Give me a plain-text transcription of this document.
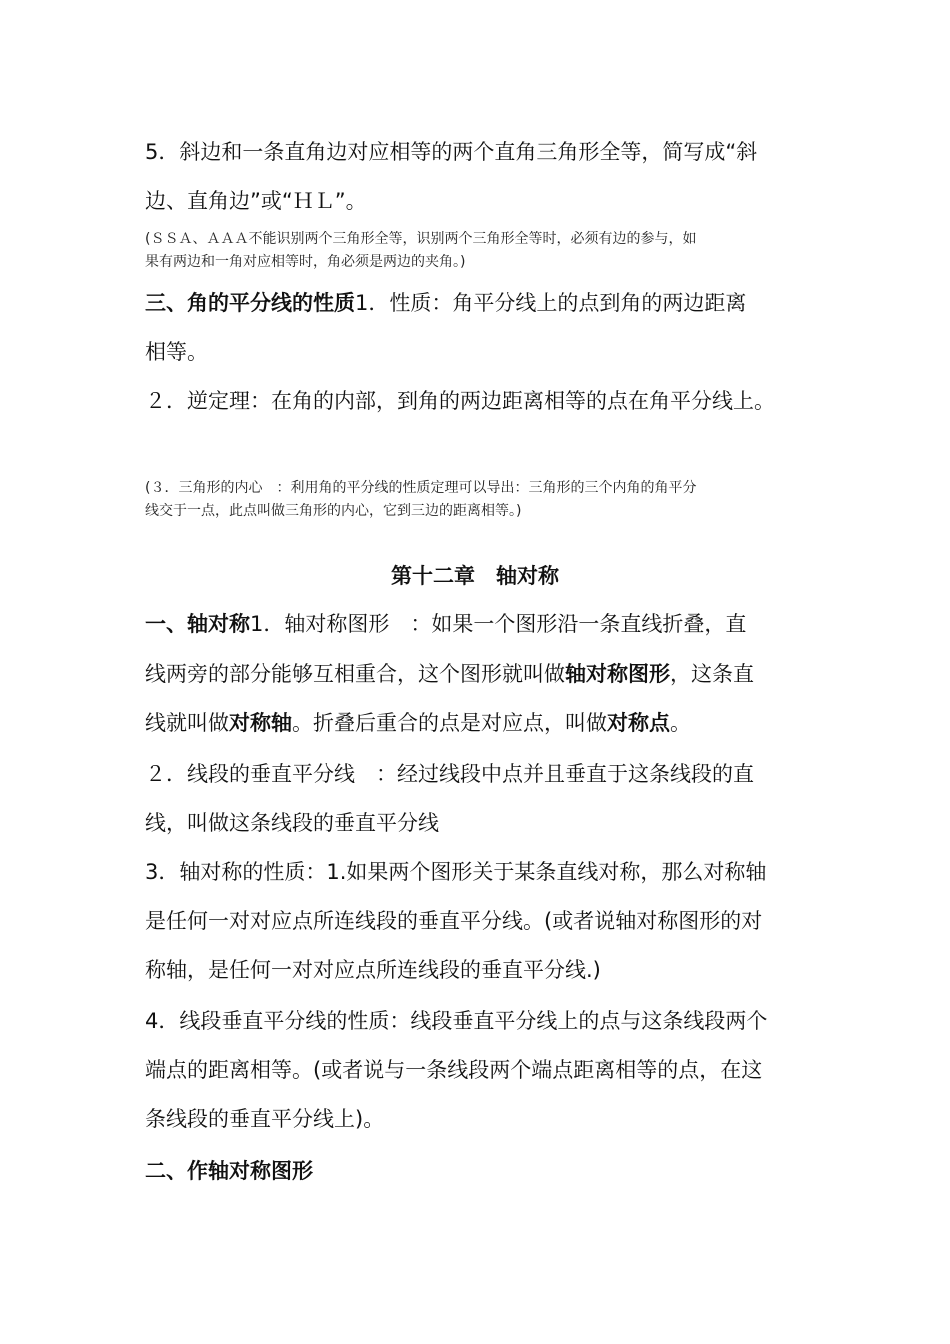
5．斜边和一条直角边对应相等的两个直角三角形全等，简写成“斜
边、直角边”或“ＨＬ”。
(ＳＳＡ、ＡＡＡ不能识别两个三角形全等，识别两个三角形全等时，必须有边的参与，如
果有两边和一角对应相等时，角必须是两边的夹角。)
三、角的平分线的性质1．性质：角平分线上的点到角的两边距离
相等。
２．逆定理：在角的内部，到角的两边距离相等的点在角平分线上。
(３．三角形的内心　：利用角的平分线的性质定理可以导出：三角形的三个内角的角平分
线交于一点，此点叫做三角形的内心，它到三边的距离相等。)
第十二章　轴对称
一、轴对称1．轴对称图形　：如果一个图形沿一条直线折叠，直
线两旁的部分能够互相重合，这个图形就叫做轴对称图形，这条直
线就叫做对称轴。折叠后重合的点是对应点，叫做对称点。
２．线段的垂直平分线　：经过线段中点并且垂直于这条线段的直
线，叫做这条线段的垂直平分线
3．轴对称的性质：1.如果两个图形关于某条直线对称，那么对称轴
是任何一对对应点所连线段的垂直平分线。(或者说轴对称图形的对
称轴，是任何一对对应点所连线段的垂直平分线.)
4．线段垂直平分线的性质：线段垂直平分线上的点与这条线段两个
端点的距离相等。(或者说与一条线段两个端点距离相等的点，在这
条线段的垂直平分线上)。
二、作轴对称图形
